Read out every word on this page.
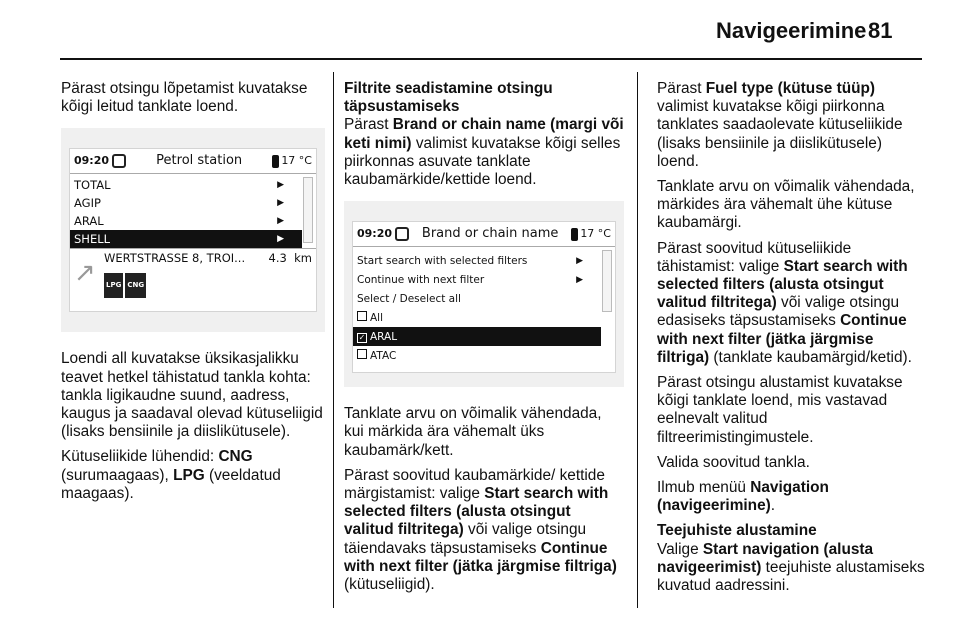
Navigeerimine 81

Pärast otsingu lõpetamist kuvatakse kõigi leitud tanklate loend.

09:20	Petrol station	17 °C
TOTAL	▶
AGIP	▶
ARAL	▶
SHELL	▶
↗
WERTSTRASSE 8, TROI... 4.3 km
LPG CNG

Loendi all kuvatakse üksikasjalikku teavet hetkel tähistatud tankla kohta: tankla ligikaudne suund, aadress, kaugus ja saadaval olevad kütuseliigid (lisaks bensiinile ja diislikütusele).

Kütuseliikide lühendid: CNG (surumaagaas), LPG (veeldatud maagaas).

Filtrite seadistamine otsingu täpsustamiseks
Pärast Brand or chain name (margi või keti nimi) valimist kuvatakse kõigi selles piirkonnas asuvate tanklate kaubamärkide/kettide loend.

09:20	Brand or chain name	17 °C
Start search with selected filters	▶
Continue with next filter	▶
Select / Deselect all
All
✓ ARAL
ATAC

Tanklate arvu on võimalik vähendada, kui märkida ära vähemalt üks kaubamärk/kett.

Pärast soovitud kaubamärkide/ kettide märgistamist: valige Start search with selected filters (alusta otsingut valitud filtritega) või valige otsingu täiendavaks täpsustamiseks Continue with next filter (jätka järgmise filtriga) (kütuseliigid).

Pärast Fuel type (kütuse tüüp) valimist kuvatakse kõigi piirkonna tanklates saadaolevate kütuseliikide (lisaks bensiinile ja diislikütusele) loend.

Tanklate arvu on võimalik vähendada, märkides ära vähemalt ühe kütuse kaubamärgi.

Pärast soovitud kütuseliikide tähistamist: valige Start search with selected filters (alusta otsingut valitud filtritega) või valige otsingu edasiseks täpsustamiseks Continue with next filter (jätka järgmise filtriga) (tanklate kaubamärgid/ketid).

Pärast otsingu alustamist kuvatakse kõigi tanklate loend, mis vastavad eelnevalt valitud filtreerimistingimustele.

Valida soovitud tankla.

Ilmub menüü Navigation (navigeerimine).

Teejuhiste alustamine
Valige Start navigation (alusta navigeerimist) teejuhiste alustamiseks kuvatud aadressini.
